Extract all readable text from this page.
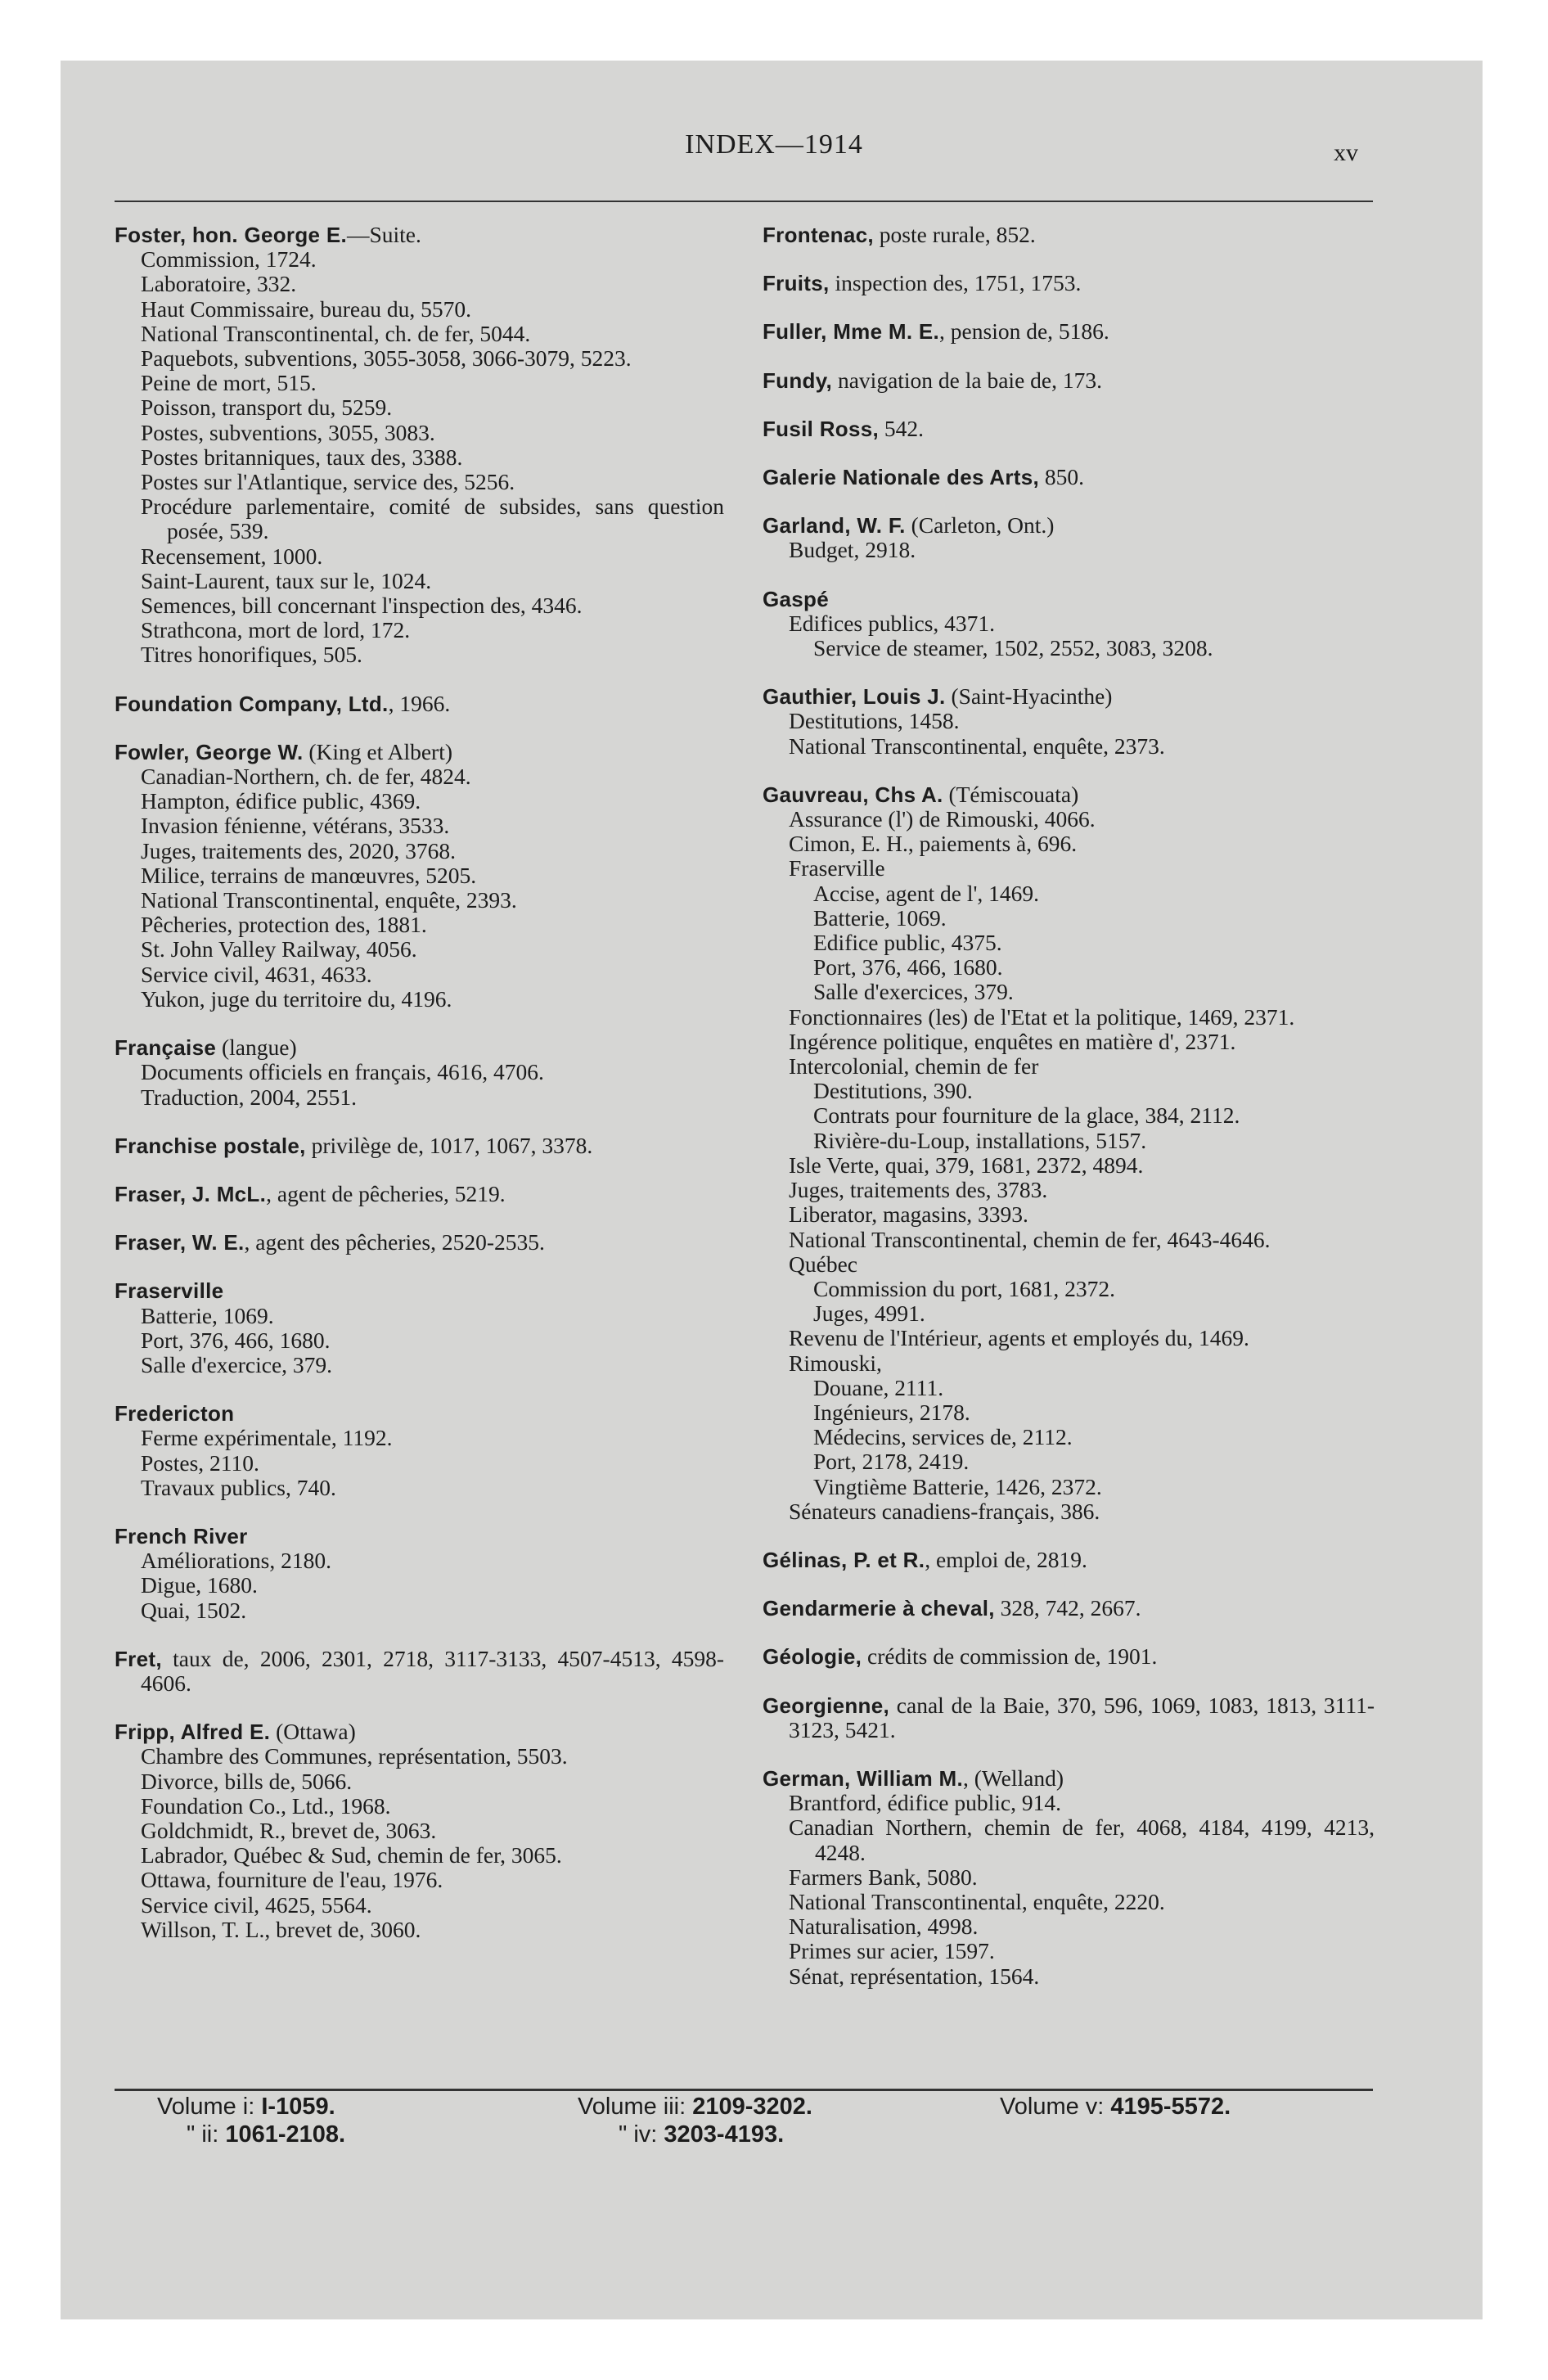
INDEX—1914	xv
Foster, hon. George E.—Suite.
Commission, 1724.
Laboratoire, 332.
Haut Commissaire, bureau du, 5570.
National Transcontinental, ch. de fer, 5044.
Paquebots, subventions, 3055-3058, 3066-3079, 5223.
Peine de mort, 515.
Poisson, transport du, 5259.
Postes, subventions, 3055, 3083.
Postes britanniques, taux des, 3388.
Postes sur l'Atlantique, service des, 5256.
Procédure parlementaire, comité de subsides, sans question posée, 539.
Recensement, 1000.
Saint-Laurent, taux sur le, 1024.
Semences, bill concernant l'inspection des, 4346.
Strathcona, mort de lord, 172.
Titres honorifiques, 505.
Foundation Company, Ltd., 1966.
Fowler, George W. (King et Albert)
Canadian-Northern, ch. de fer, 4824.
Hampton, édifice public, 4369.
Invasion fénienne, vétérans, 3533.
Juges, traitements des, 2020, 3768.
Milice, terrains de manœuvres, 5205.
National Transcontinental, enquête, 2393.
Pêcheries, protection des, 1881.
St. John Valley Railway, 4056.
Service civil, 4631, 4633.
Yukon, juge du territoire du, 4196.
Française (langue)
Documents officiels en français, 4616, 4706.
Traduction, 2004, 2551.
Franchise postale, privilège de, 1017, 1067, 3378.
Fraser, J. McL., agent de pêcheries, 5219.
Fraser, W. E., agent des pêcheries, 2520-2535.
Fraserville
Batterie, 1069.
Port, 376, 466, 1680.
Salle d'exercice, 379.
Fredericton
Ferme expérimentale, 1192.
Postes, 2110.
Travaux publics, 740.
French River
Améliorations, 2180.
Digue, 1680.
Quai, 1502.
Fret, taux de, 2006, 2301, 2718, 3117-3133, 4507-4513, 4598-4606.
Fripp, Alfred E. (Ottawa)
Chambre des Communes, représentation, 5503.
Divorce, bills de, 5066.
Foundation Co., Ltd., 1968.
Goldchmidt, R., brevet de, 3063.
Labrador, Québec & Sud, chemin de fer, 3065.
Ottawa, fourniture de l'eau, 1976.
Service civil, 4625, 5564.
Willson, T. L., brevet de, 3060.
Frontenac, poste rurale, 852.
Fruits, inspection des, 1751, 1753.
Fuller, Mme M. E., pension de, 5186.
Fundy, navigation de la baie de, 173.
Fusil Ross, 542.
Galerie Nationale des Arts, 850.
Garland, W. F. (Carleton, Ont.)
Budget, 2918.
Gaspé
Edifices publics, 4371.
Service de steamer, 1502, 2552, 3083, 3208.
Gauthier, Louis J. (Saint-Hyacinthe)
Destitutions, 1458.
National Transcontinental, enquête, 2373.
Gauvreau, Chs A. (Témiscouata)
Assurance (l') de Rimouski, 4066.
Cimon, E. H., paiements à, 696.
Fraserville
Accise, agent de l', 1469.
Batterie, 1069.
Edifice public, 4375.
Port, 376, 466, 1680.
Salle d'exercices, 379.
Fonctionnaires (les) de l'Etat et la politique, 1469, 2371.
Ingérence politique, enquêtes en matière d', 2371.
Intercolonial, chemin de fer
Destitutions, 390.
Contrats pour fourniture de la glace, 384, 2112.
Rivière-du-Loup, installations, 5157.
Isle Verte, quai, 379, 1681, 2372, 4894.
Juges, traitements des, 3783.
Liberator, magasins, 3393.
National Transcontinental, chemin de fer, 4643-4646.
Québec
Commission du port, 1681, 2372.
Juges, 4991.
Revenu de l'Intérieur, agents et employés du, 1469.
Rimouski,
Douane, 2111.
Ingénieurs, 2178.
Médecins, services de, 2112.
Port, 2178, 2419.
Vingtième Batterie, 1426, 2372.
Sénateurs canadiens-français, 386.
Gélinas, P. et R., emploi de, 2819.
Gendarmerie à cheval, 328, 742, 2667.
Géologie, crédits de commission de, 1901.
Georgienne, canal de la Baie, 370, 596, 1069, 1083, 1813, 3111-3123, 5421.
German, William M., (Welland)
Brantford, édifice public, 914.
Canadian Northern, chemin de fer, 4068, 4184, 4199, 4213, 4248.
Farmers Bank, 5080.
National Transcontinental, enquête, 2220.
Naturalisation, 4998.
Primes sur acier, 1597.
Sénat, représentation, 1564.
Volume i: I-1059.
" ii: 1061-2108.
Volume iii: 2109-3202.
" iv: 3203-4193.
Volume v: 4195-5572.
